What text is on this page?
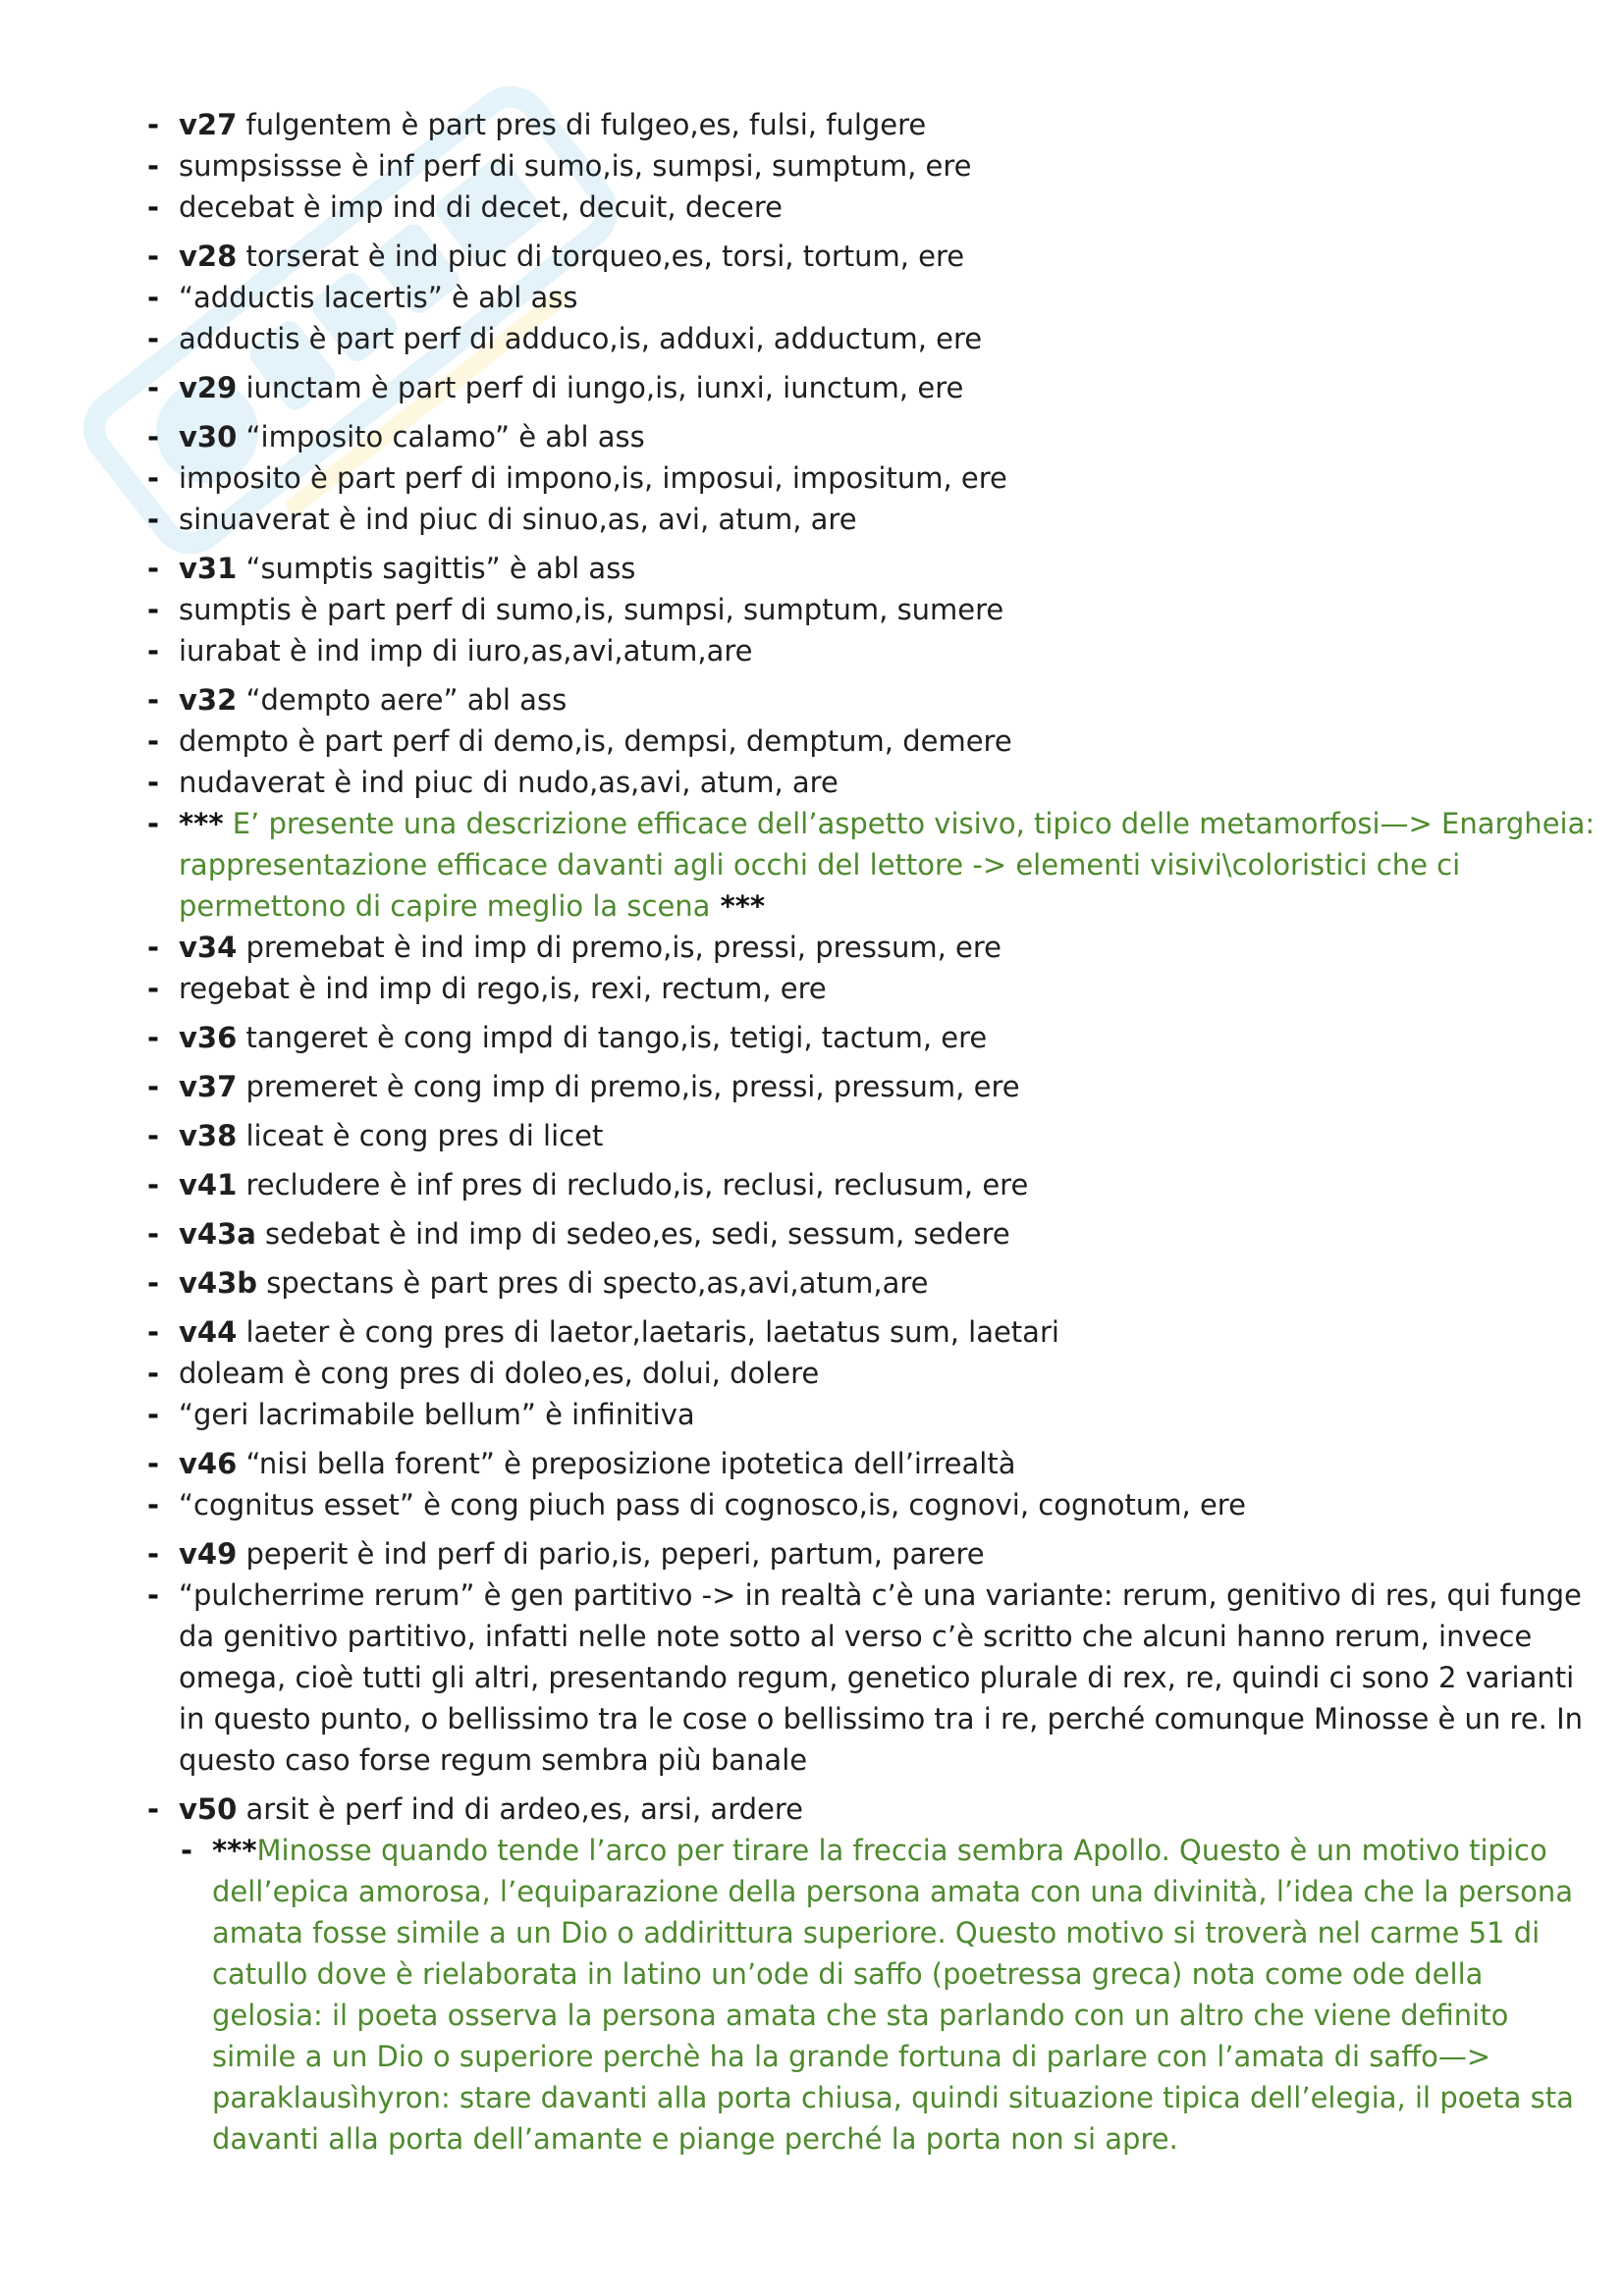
- v27 fulgentem è part pres di fulgeo,es, fulsi, fulgere
- sumpsissse è inf perf di sumo,is, sumpsi, sumptum, ere
- decebat è imp ind di decet, decuit, decere
- v28 torserat è ind piuc di torqueo,es, torsi, tortum, ere
- “adductis lacertis” è abl ass
- adductis è part perf di adduco,is, adduxi, adductum, ere
- v29 iunctam è part perf di iungo,is, iunxi, iunctum, ere
- v30 “imposito calamo” è abl ass
- imposito è part perf di impono,is, imposui, impositum, ere
- sinuaverat è ind piuc di sinuo,as, avi, atum, are
- v31 “sumptis sagittis” è abl ass
- sumptis è part perf di sumo,is, sumpsi, sumptum, sumere
- iurabat è ind imp di iuro,as,avi,atum,are
- v32 “dempto aere” abl ass
- dempto è part perf di demo,is, dempsi, demptum, demere
- nudaverat è ind piuc di nudo,as,avi, atum, are
- *** E’ presente una descrizione efficace dell’aspetto visivo, tipico delle metamorfosi—> Enargheia: rappresentazione efficace davanti agli occhi del lettore -> elementi visivi\coloristici che ci permettono di capire meglio la scena ***
- v34 premebat è ind imp di premo,is, pressi, pressum, ere
- regebat è ind imp di rego,is, rexi, rectum, ere
- v36 tangeret è cong impd di tango,is, tetigi, tactum, ere
- v37 premeret è cong imp di premo,is, pressi, pressum, ere
- v38 liceat è cong pres di licet
- v41 recludere è inf pres di recludo,is, reclusi, reclusum, ere
- v43a sedebat è ind imp di sedeo,es, sedi, sessum, sedere
- v43b spectans è part pres di specto,as,avi,atum,are
- v44 laeter è cong pres di laetor,laetaris, laetatus sum, laetari
- doleam è cong pres di doleo,es, dolui, dolere
- “geri lacrimabile bellum” è infinitiva
- v46 “nisi bella forent” è preposizione ipotetica dell’irrealtà
- “cognitus esset” è cong piuch pass di cognosco,is, cognovi, cognotum, ere
- v49 peperit è ind perf di pario,is, peperi, partum, parere
- “pulcherrime rerum” è gen partitivo -> in realtà c’è una variante: rerum, genitivo di res, qui funge da genitivo partitivo, infatti nelle note sotto al verso c’è scritto che alcuni hanno rerum, invece omega, cioè tutti gli altri, presentando regum, genetico plurale di rex, re, quindi ci sono 2 varianti in questo punto, o bellissimo tra le cose o bellissimo tra i re, perché comunque Minosse è un re. In questo caso forse regum sembra più banale
- v50 arsit è perf ind di ardeo,es, arsi, ardere
- ***Minosse quando tende l’arco per tirare la freccia sembra Apollo. Questo è un motivo tipico dell’epica amorosa, l’equiparazione della persona amata con una divinità, l’idea che la persona amata fosse simile a un Dio o addirittura superiore. Questo motivo si troverà nel carme 51 di catullo dove è rielaborata in latino un’ode di saffo (poetressa greca) nota come ode della gelosia: il poeta osserva la persona amata che sta parlando con un altro che viene definito simile a un Dio o superiore perchè ha la grande fortuna di parlare con l’amata di saffo—> paraklausìhyron: stare davanti alla porta chiusa, quindi situazione tipica dell’elegia, il poeta sta davanti alla porta dell’amante e piange perché la porta non si apre.
